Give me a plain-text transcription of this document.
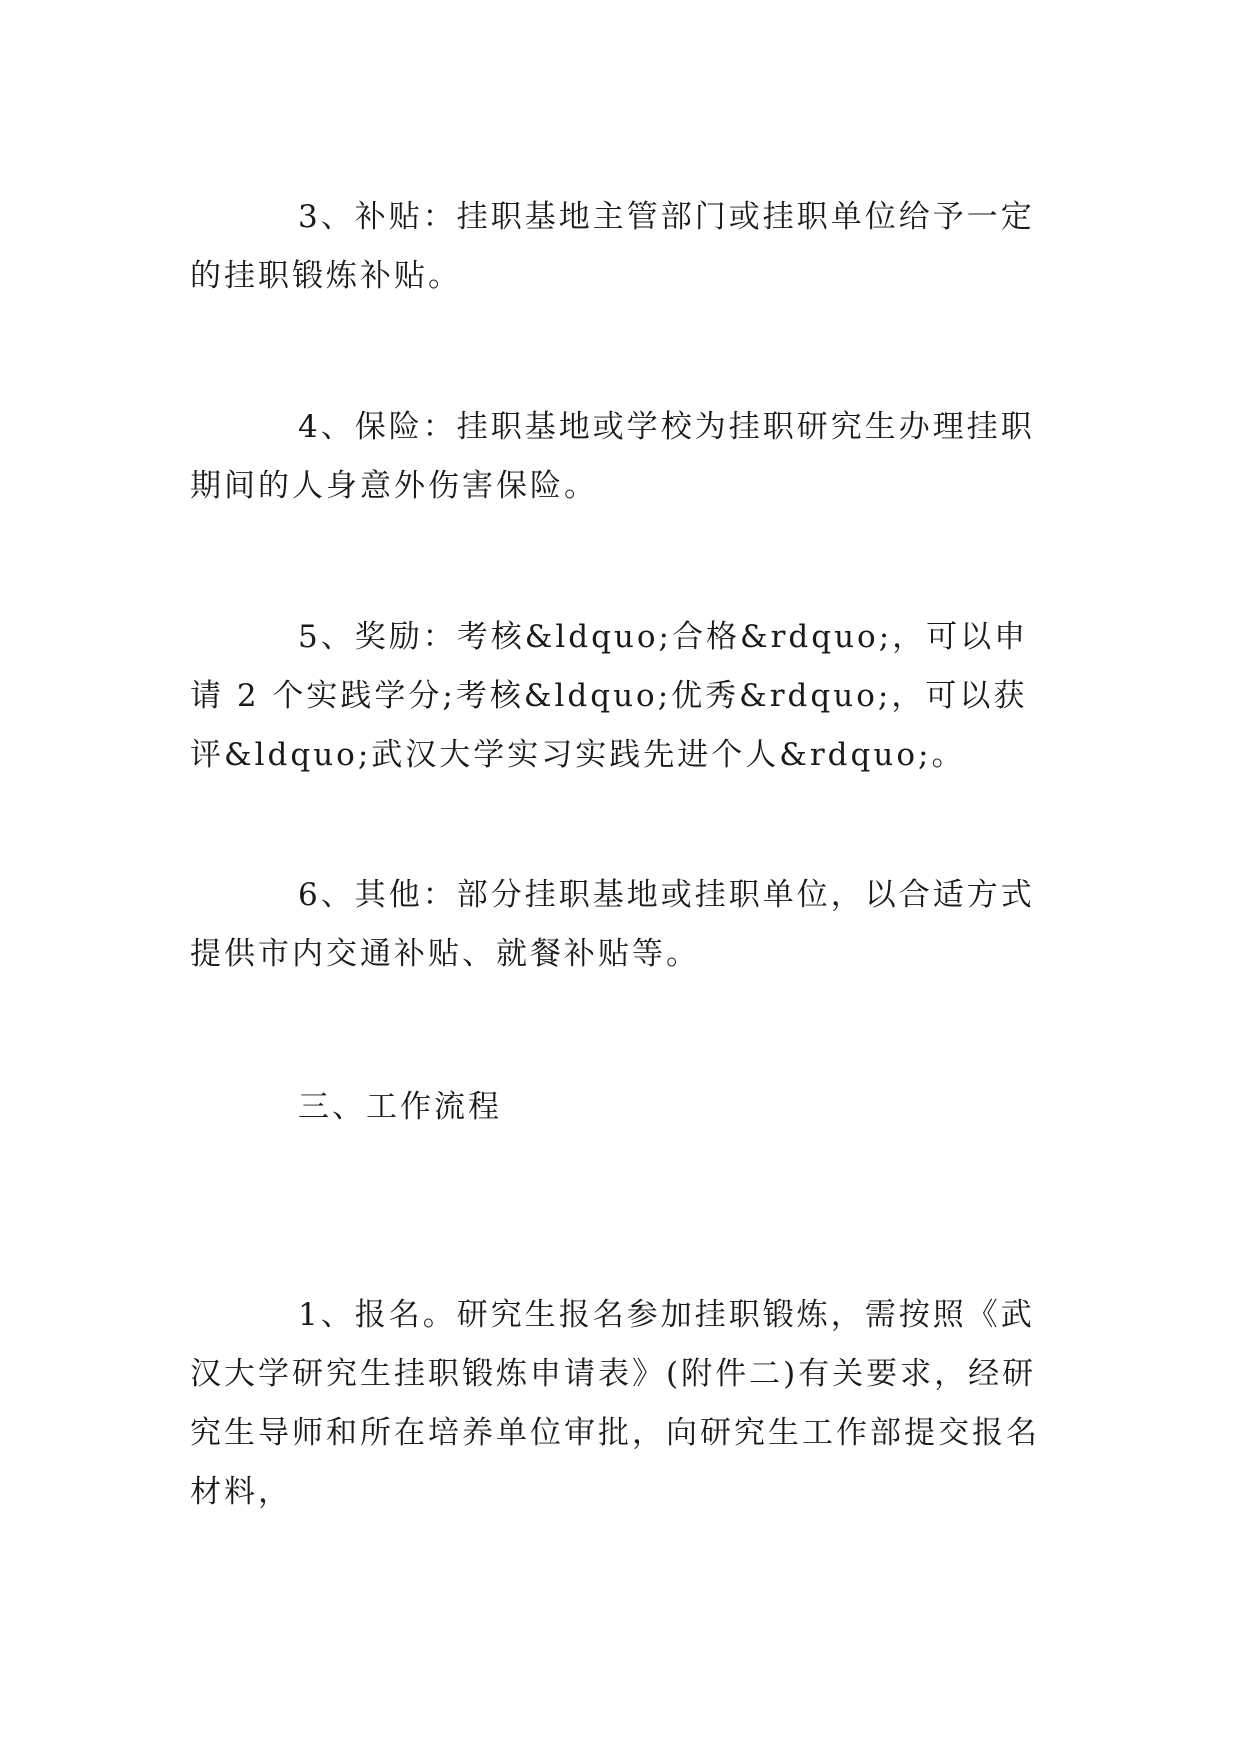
3、补贴：挂职基地主管部门或挂职单位给予一定的挂职锻炼补贴。

4、保险：挂职基地或学校为挂职研究生办理挂职期间的人身意外伤害保险。

5、奖励：考核&ldquo;合格&rdquo;，可以申请 2 个实践学分;考核&ldquo;优秀&rdquo;，可以获评&ldquo;武汉大学实习实践先进个人&rdquo;。

6、其他：部分挂职基地或挂职单位，以合适方式提供市内交通补贴、就餐补贴等。

三、工作流程

1、报名。研究生报名参加挂职锻炼，需按照《武汉大学研究生挂职锻炼申请表》(附件二)有关要求，经研究生导师和所在培养单位审批，向研究生工作部提交报名材料，
